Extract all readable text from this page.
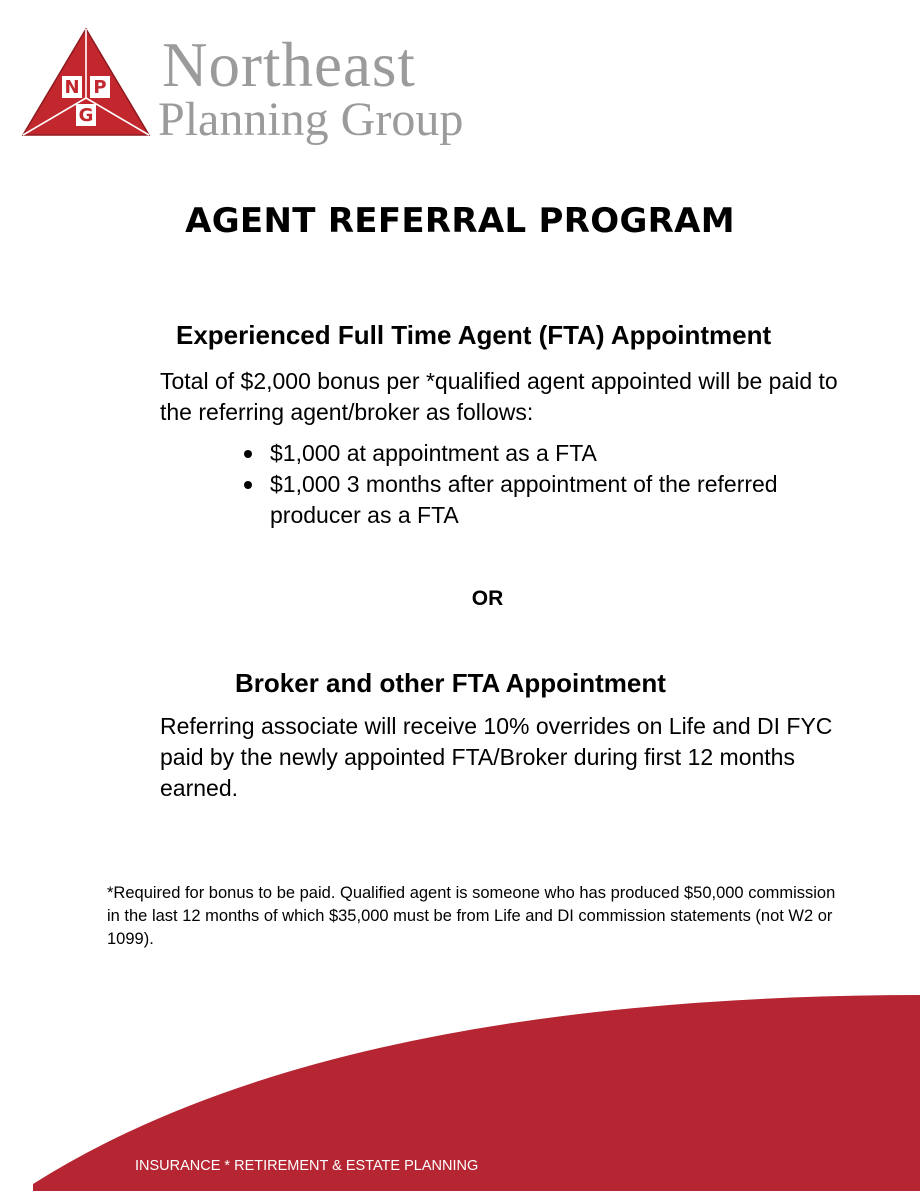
N P
G
Northeast
Planning Group
AGENT REFERRAL PROGRAM
Experienced Full Time Agent (FTA) Appointment

Total of $2,000 bonus per *qualified agent appointed will be paid to the referring agent/broker as follows:

$1,000 at appointment as a FTA
$1,000 3 months after appointment of the referred producer as a FTA
OR
Broker and other FTA Appointment

Referring associate will receive 10% overrides on Life and DI FYC paid by the newly appointed FTA/Broker during first 12 months earned.

*Required for bonus to be paid. Qualified agent is someone who has produced $50,000 commission in the last 12 months of which $35,000 must be from Life and DI commission statements (not W2 or 1099).

INSURANCE * RETIREMENT & ESTATE PLANNING
